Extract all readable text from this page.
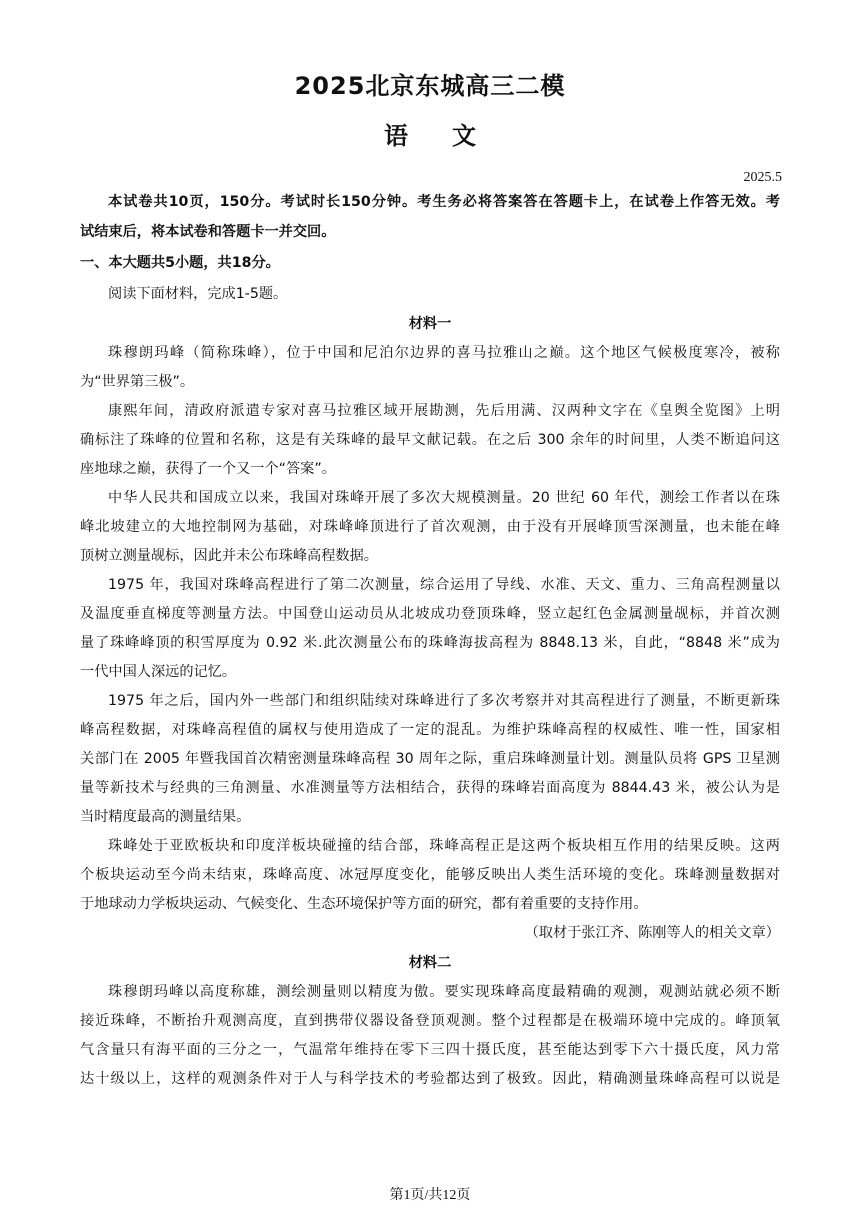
2025北京东城高三二模
语文
2025.5
本试卷共10页，150分。考试时长150分钟。考生务必将答案答在答题卡上，在试卷上作答无效。考
试结束后，将本试卷和答题卡一并交回。
一、本大题共5小题，共18分。
阅读下面材料，完成1-5题。
材料一
珠穆朗玛峰（简称珠峰），位于中国和尼泊尔边界的喜马拉雅山之巅。这个地区气候极度寒冷，被称
为“世界第三极”。
康熙年间，清政府派遣专家对喜马拉雅区域开展勘测，先后用满、汉两种文字在《皇舆全览图》上明
确标注了珠峰的位置和名称，这是有关珠峰的最早文献记载。在之后 300 余年的时间里，人类不断追问这
座地球之巅，获得了一个又一个“答案”。
中华人民共和国成立以来，我国对珠峰开展了多次大规模测量。20 世纪 60 年代，测绘工作者以在珠
峰北坡建立的大地控制网为基础，对珠峰峰顶进行了首次观测，由于没有开展峰顶雪深测量，也未能在峰
顶树立测量觇标，因此并未公布珠峰高程数据。
1975 年，我国对珠峰高程进行了第二次测量，综合运用了导线、水准、天文、重力、三角高程测量以
及温度垂直梯度等测量方法。中国登山运动员从北坡成功登顶珠峰，竖立起红色金属测量觇标，并首次测
量了珠峰峰顶的积雪厚度为 0.92 米.此次测量公布的珠峰海拔高程为 8848.13 米，自此，“8848 米”成为
一代中国人深远的记忆。
1975 年之后，国内外一些部门和组织陆续对珠峰进行了多次考察并对其高程进行了测量，不断更新珠
峰高程数据，对珠峰高程值的属权与使用造成了一定的混乱。为维护珠峰高程的权威性、唯一性，国家相
关部门在 2005 年暨我国首次精密测量珠峰高程 30 周年之际，重启珠峰测量计划。测量队员将 GPS 卫星测
量等新技术与经典的三角测量、水准测量等方法相结合，获得的珠峰岩面高度为 8844.43 米，被公认为是
当时精度最高的测量结果。
珠峰处于亚欧板块和印度洋板块碰撞的结合部，珠峰高程正是这两个板块相互作用的结果反映。这两
个板块运动至今尚未结束，珠峰高度、冰冠厚度变化，能够反映出人类生活环境的变化。珠峰测量数据对
于地球动力学板块运动、气候变化、生态环境保护等方面的研究，都有着重要的支持作用。
（取材于张江齐、陈刚等人的相关文章）
材料二
珠穆朗玛峰以高度称雄，测绘测量则以精度为傲。要实现珠峰高度最精确的观测，观测站就必须不断
接近珠峰，不断抬升观测高度，直到携带仪器设备登顶观测。整个过程都是在极端环境中完成的。峰顶氧
气含量只有海平面的三分之一，气温常年维持在零下三四十摄氏度，甚至能达到零下六十摄氏度，风力常
达十级以上，这样的观测条件对于人与科学技术的考验都达到了极致。因此，精确测量珠峰高程可以说是
第1页/共12页
